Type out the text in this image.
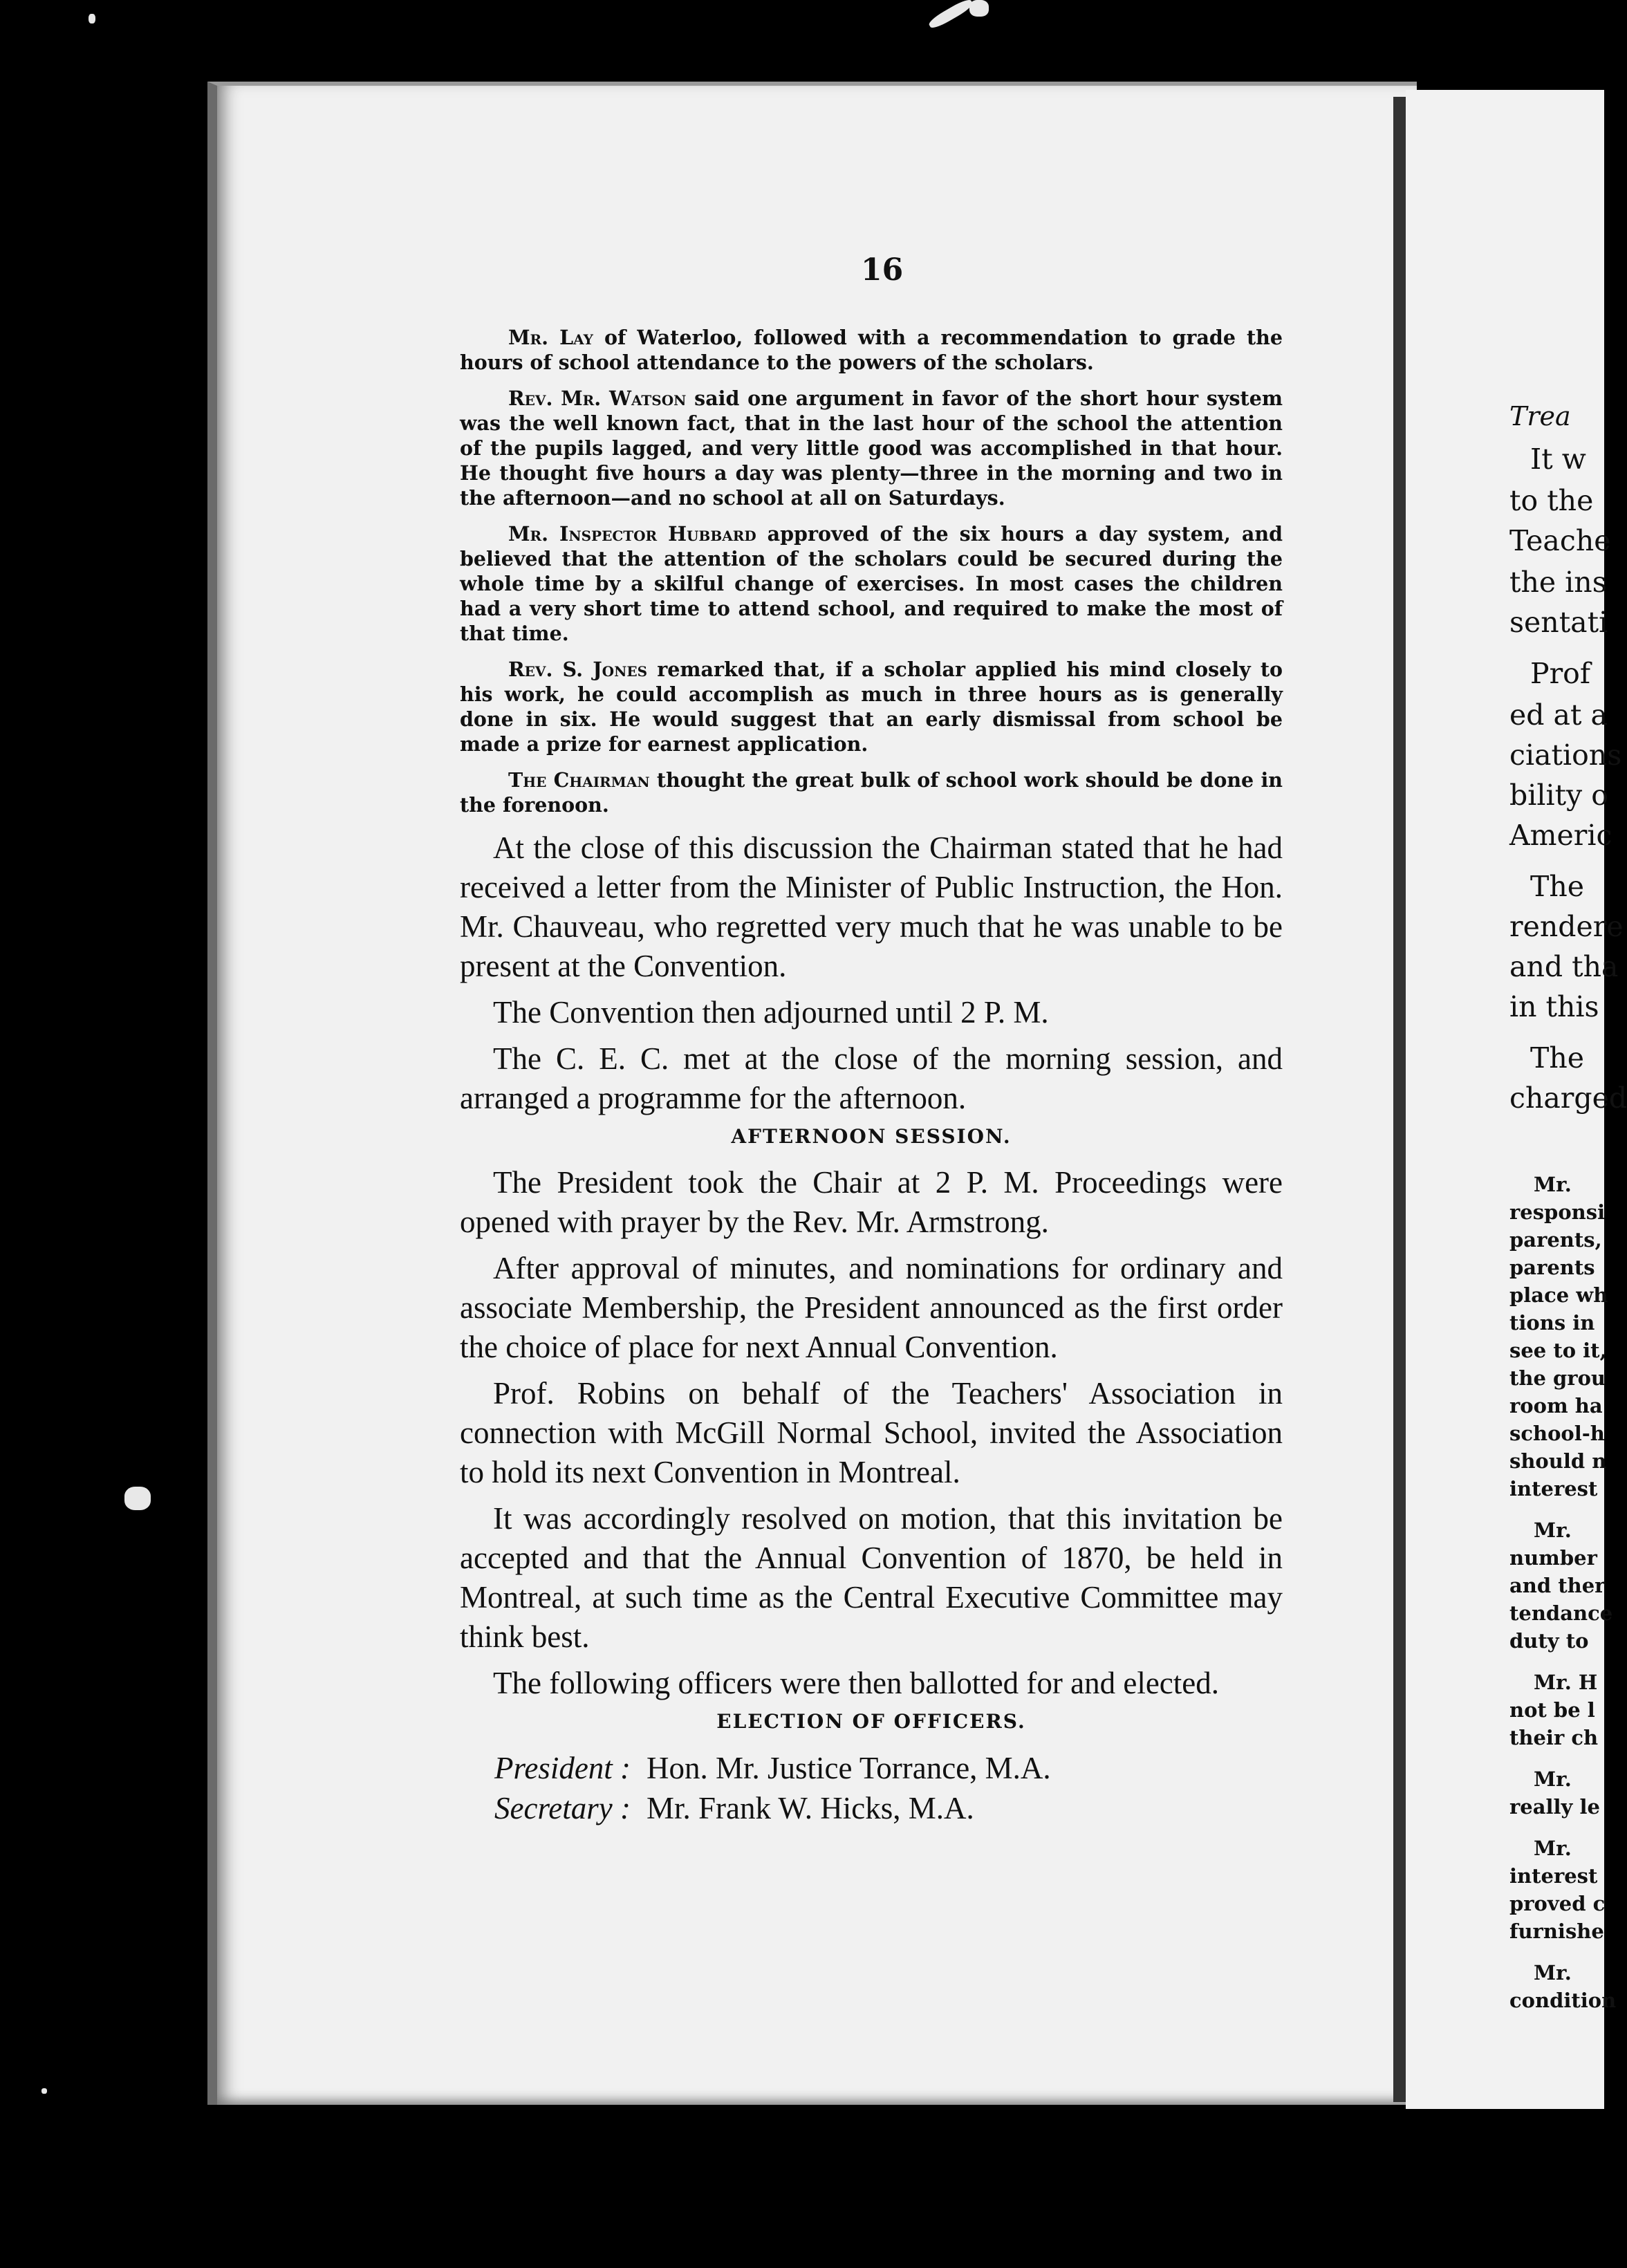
Trea
It w
to the
Teache
the ins
sentati
Prof
ed at a
ciations
bility o
Americ
The
rendere
and tha
in this
The
charged
Mr.
responsi
parents,
parents
place wh
tions in
see to it,
the grou
room ha
school-h
should n
interest
Mr.
number
and ther
tendance
duty to
Mr. H
not be l
their ch
Mr.
really le
Mr.
interest
proved c
furnishe
Mr.
condition
16

Mr. Lay of Waterloo, followed with a recommendation to grade the hours of school attendance to the powers of the scholars.

Rev. Mr. Watson said one argument in favor of the short hour system was the well known fact, that in the last hour of the school the attention of the pupils lagged, and very little good was accomplished in that hour. He thought five hours a day was plenty—three in the morning and two in the afternoon—and no school at all on Saturdays.

Mr. Inspector Hubbard approved of the six hours a day system, and believed that the attention of the scholars could be secured during the whole time by a skilful change of exercises. In most cases the children had a very short time to attend school, and required to make the most of that time.

Rev. S. Jones remarked that, if a scholar applied his mind closely to his work, he could accomplish as much in three hours as is generally done in six. He would suggest that an early dismissal from school be made a prize for earnest application.

The Chairman thought the great bulk of school work should be done in the forenoon.

At the close of this discussion the Chairman stated that he had received a letter from the Minister of Public Instruction, the Hon. Mr. Chauveau, who regretted very much that he was unable to be present at the Convention.

The Convention then adjourned until 2 P. M.

The C. E. C. met at the close of the morning session, and arranged a programme for the afternoon.

AFTERNOON SESSION.

The President took the Chair at 2 P. M. Proceedings were opened with prayer by the Rev. Mr. Armstrong.

After approval of minutes, and nominations for ordinary and associate Membership, the President announced as the first order the choice of place for next Annual Convention.

Prof. Robins on behalf of the Teachers' Association in connection with McGill Normal School, invited the Association to hold its next Convention in Montreal.

It was accordingly resolved on motion, that this invitation be accepted and that the Annual Convention of 1870, be held in Montreal, at such time as the Central Executive Committee may think best.

The following officers were then ballotted for and elected.

ELECTION OF OFFICERS.
President : Hon. Mr. Justice Torrance, M.A.
Secretary : Mr. Frank W. Hicks, M.A.
